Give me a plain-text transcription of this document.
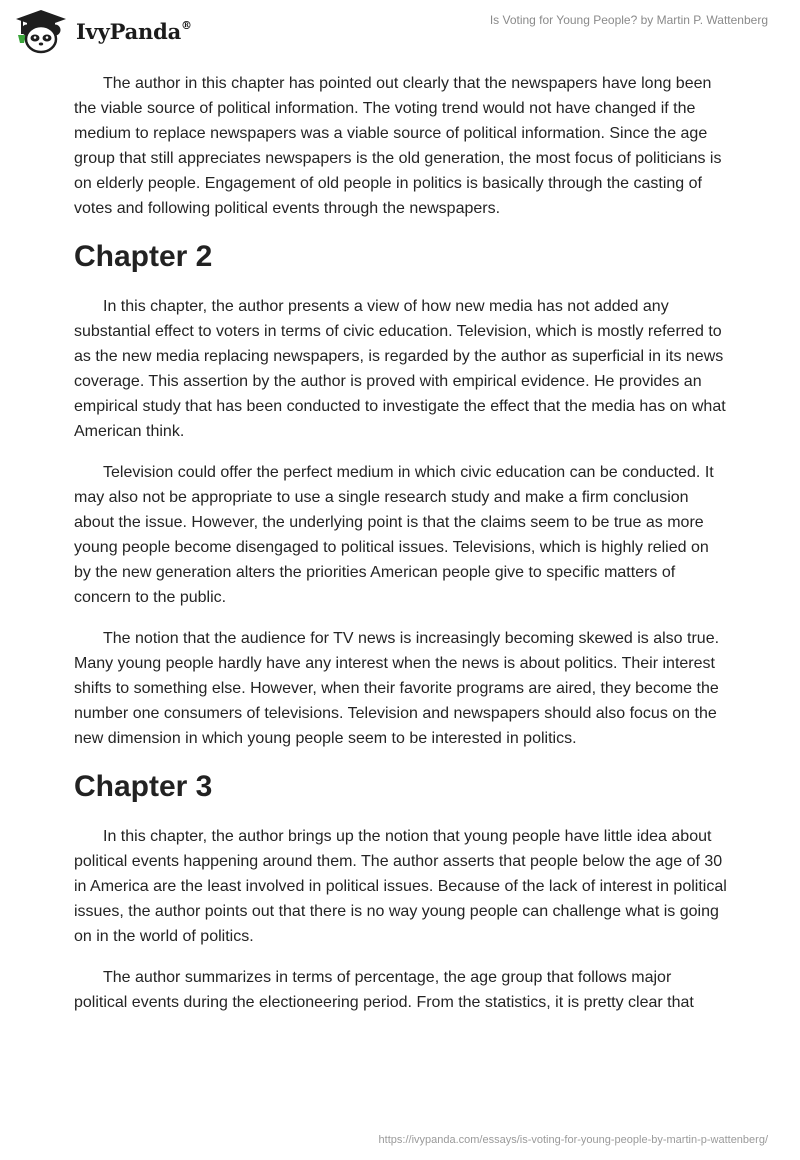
IvyPanda®	Is Voting for Young People? by Martin P. Wattenberg

The author in this chapter has pointed out clearly that the newspapers have long been the viable source of political information. The voting trend would not have changed if the medium to replace newspapers was a viable source of political information. Since the age group that still appreciates newspapers is the old generation, the most focus of politicians is on elderly people. Engagement of old people in politics is basically through the casting of votes and following political events through the newspapers.

Chapter 2

In this chapter, the author presents a view of how new media has not added any substantial effect to voters in terms of civic education. Television, which is mostly referred to as the new media replacing newspapers, is regarded by the author as superficial in its news coverage. This assertion by the author is proved with empirical evidence. He provides an empirical study that has been conducted to investigate the effect that the media has on what American think.

Television could offer the perfect medium in which civic education can be conducted. It may also not be appropriate to use a single research study and make a firm conclusion about the issue. However, the underlying point is that the claims seem to be true as more young people become disengaged to political issues. Televisions, which is highly relied on by the new generation alters the priorities American people give to specific matters of concern to the public.

The notion that the audience for TV news is increasingly becoming skewed is also true. Many young people hardly have any interest when the news is about politics. Their interest shifts to something else. However, when their favorite programs are aired, they become the number one consumers of televisions. Television and newspapers should also focus on the new dimension in which young people seem to be interested in politics.

Chapter 3

In this chapter, the author brings up the notion that young people have little idea about political events happening around them. The author asserts that people below the age of 30 in America are the least involved in political issues. Because of the lack of interest in political issues, the author points out that there is no way young people can challenge what is going on in the world of politics.

The author summarizes in terms of percentage, the age group that follows major political events during the electioneering period. From the statistics, it is pretty clear that

https://ivypanda.com/essays/is-voting-for-young-people-by-martin-p-wattenberg/
